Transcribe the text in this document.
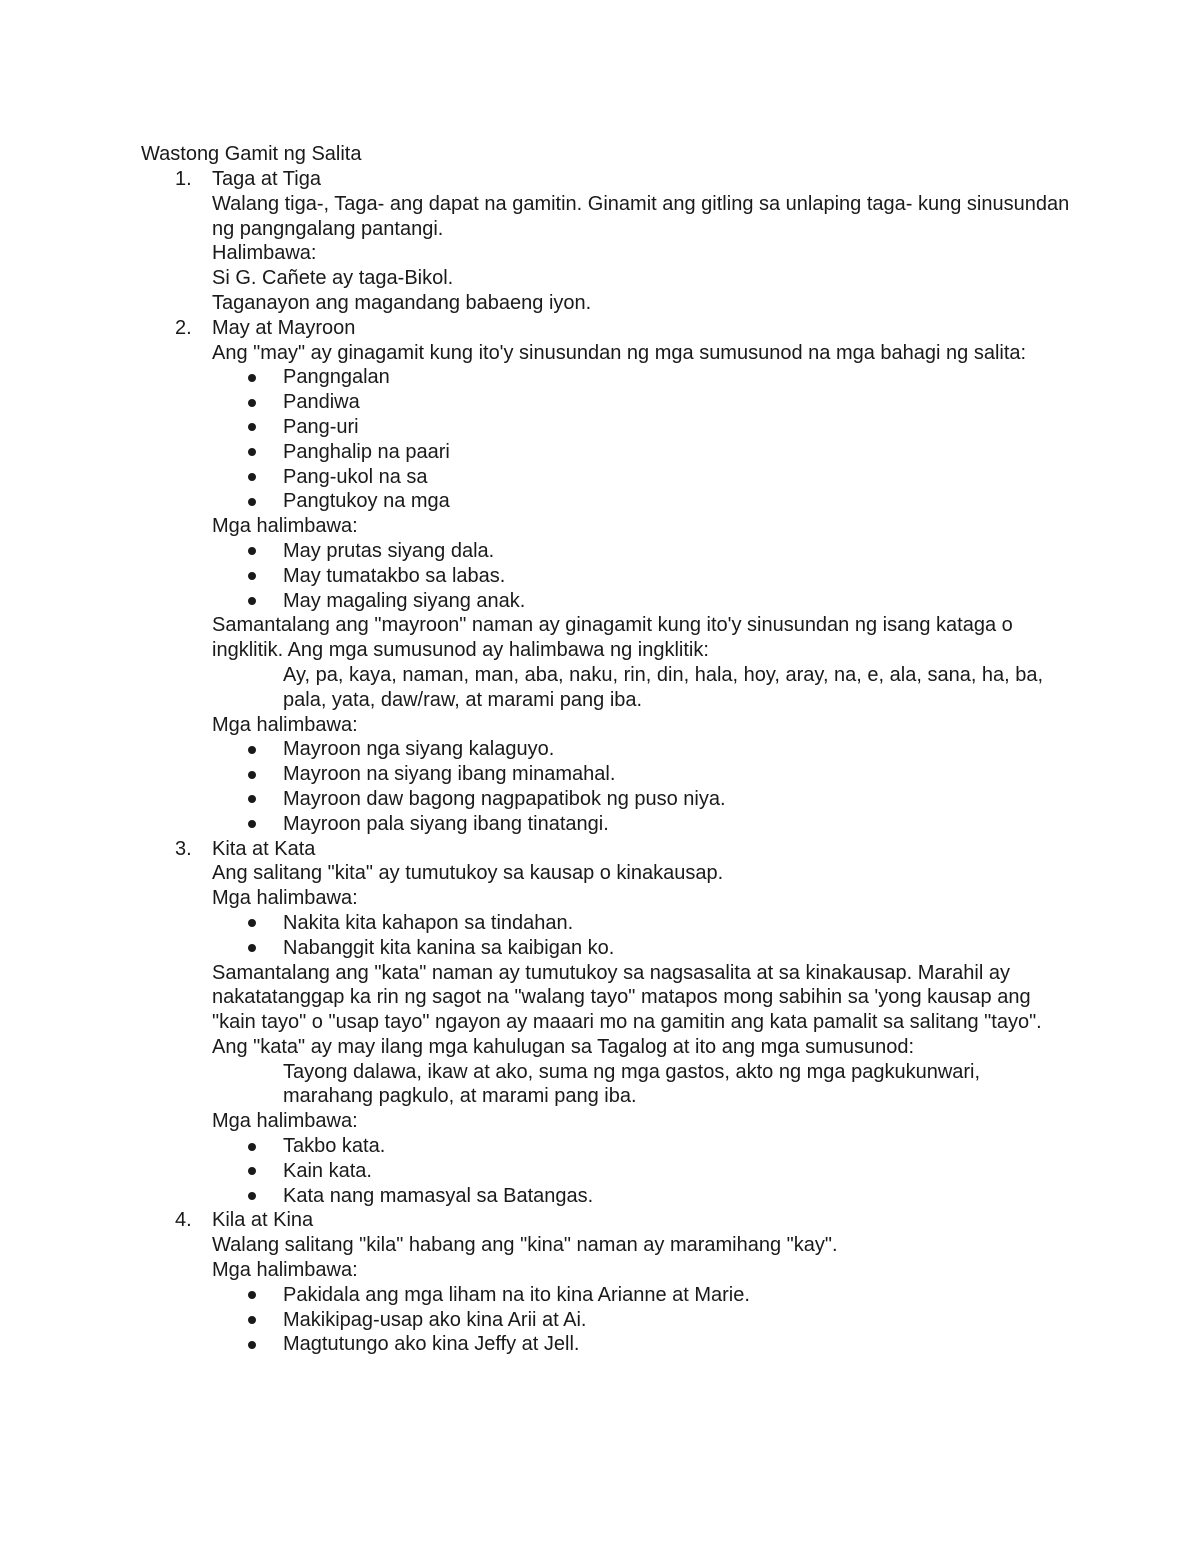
Wastong Gamit ng Salita
1. Taga at Tiga
Walang tiga-, Taga- ang dapat na gamitin. Ginamit ang gitling sa unlaping taga- kung sinusundan ng pangngalang pantangi.
Halimbawa:
Si G. Cañete ay taga-Bikol.
Taganayon ang magandang babaeng iyon.
2. May at Mayroon
Ang "may" ay ginagamit kung ito'y sinusundan ng mga sumusunod na mga bahagi ng salita:
Pangngalan
Pandiwa
Pang-uri
Panghalip na paari
Pang-ukol na sa
Pangtukoy na mga
Mga halimbawa:
May prutas siyang dala.
May tumatakbo sa labas.
May magaling siyang anak.
Samantalang ang "mayroon" naman ay ginagamit kung ito'y sinusundan ng isang kataga o ingklitik. Ang mga sumusunod ay halimbawa ng ingklitik:
Ay, pa, kaya, naman, man, aba, naku, rin, din, hala, hoy, aray, na, e, ala, sana, ha, ba, pala, yata, daw/raw, at marami pang iba.
Mga halimbawa:
Mayroon nga siyang kalaguyo.
Mayroon na siyang ibang minamahal.
Mayroon daw bagong nagpapatibok ng puso niya.
Mayroon pala siyang ibang tinatangi.
3. Kita at Kata
Ang salitang "kita" ay tumutukoy sa kausap o kinakausap.
Mga halimbawa:
Nakita kita kahapon sa tindahan.
Nabanggit kita kanina sa kaibigan ko.
Samantalang ang "kata" naman ay tumutukoy sa nagsasalita at sa kinakausap. Marahil ay nakatatanggap ka rin ng sagot na "walang tayo" matapos mong sabihin sa 'yong kausap ang "kain tayo" o "usap tayo" ngayon ay maaari mo na gamitin ang kata pamalit sa salitang "tayo". Ang "kata" ay may ilang mga kahulugan sa Tagalog at ito ang mga sumusunod:
Tayong dalawa, ikaw at ako, suma ng mga gastos, akto ng mga pagkukunwari, marahang pagkulo, at marami pang iba.
Mga halimbawa:
Takbo kata.
Kain kata.
Kata nang mamasyal sa Batangas.
4. Kila at Kina
Walang salitang "kila" habang ang "kina" naman ay maramihang "kay".
Mga halimbawa:
Pakidala ang mga liham na ito kina Arianne at Marie.
Makikipag-usap ako kina Arii at Ai.
Magtutungo ako kina Jeffy at Jell.
